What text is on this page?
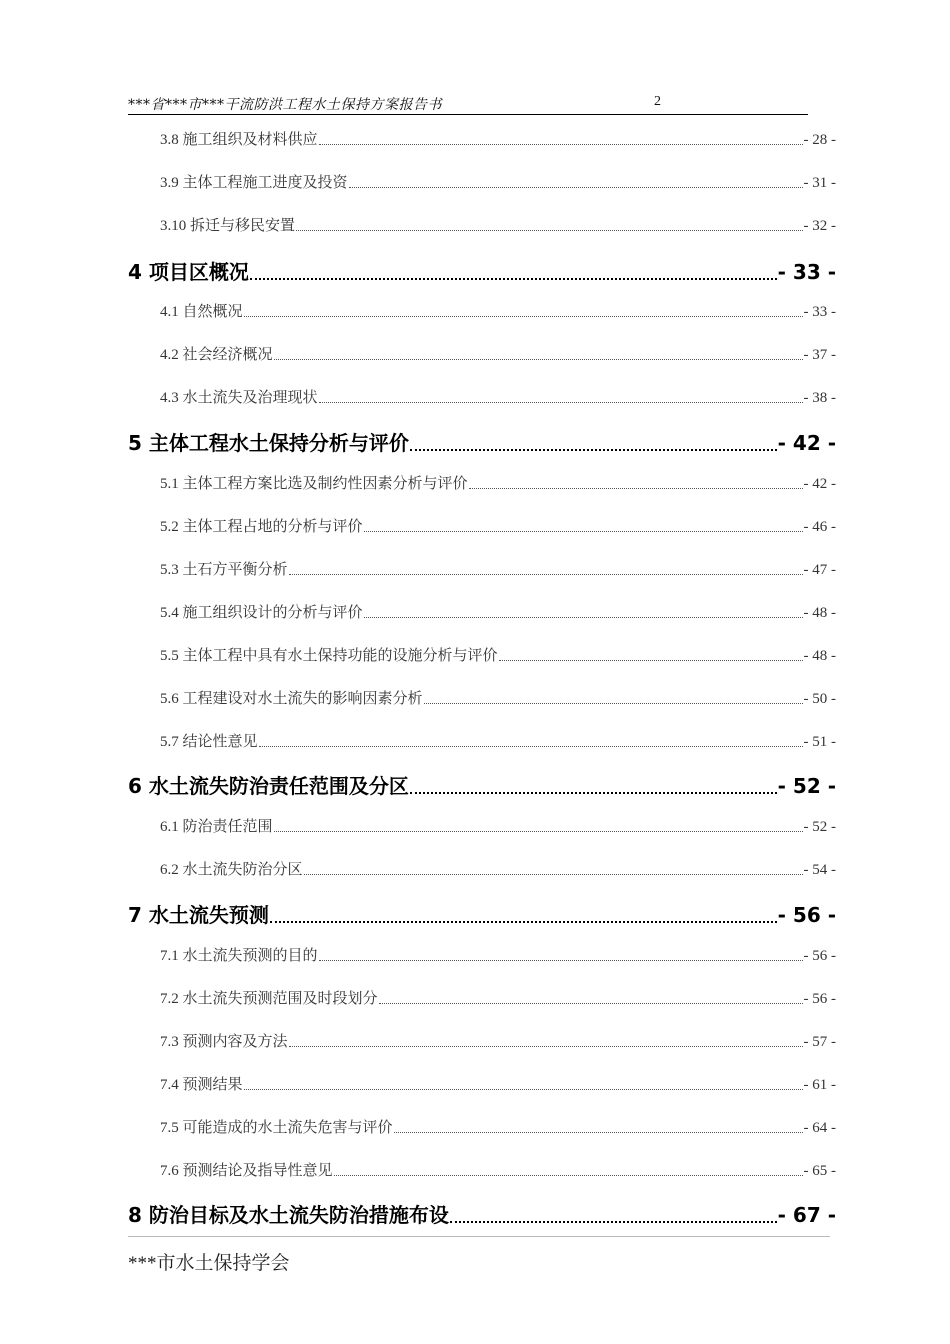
***省***市***干流防洪工程水土保持方案报告书	2
3.8 施工组织及材料供应	- 28 -
3.9 主体工程施工进度及投资	- 31 -
3.10 拆迁与移民安置	- 32 -
4 项目区概况	- 33 -
4.1 自然概况	- 33 -
4.2 社会经济概况	- 37 -
4.3 水土流失及治理现状	- 38 -
5 主体工程水土保持分析与评价	- 42 -
5.1 主体工程方案比选及制约性因素分析与评价	- 42 -
5.2 主体工程占地的分析与评价	- 46 -
5.3 土石方平衡分析	- 47 -
5.4 施工组织设计的分析与评价	- 48 -
5.5 主体工程中具有水土保持功能的设施分析与评价	- 48 -
5.6 工程建设对水土流失的影响因素分析	- 50 -
5.7 结论性意见	- 51 -
6 水土流失防治责任范围及分区	- 52 -
6.1 防治责任范围	- 52 -
6.2 水土流失防治分区	- 54 -
7 水土流失预测	- 56 -
7.1 水土流失预测的目的	- 56 -
7.2 水土流失预测范围及时段划分	- 56 -
7.3 预测内容及方法	- 57 -
7.4 预测结果	- 61 -
7.5 可能造成的水土流失危害与评价	- 64 -
7.6 预测结论及指导性意见	- 65 -
8 防治目标及水土流失防治措施布设	- 67 -
***市水土保持学会
